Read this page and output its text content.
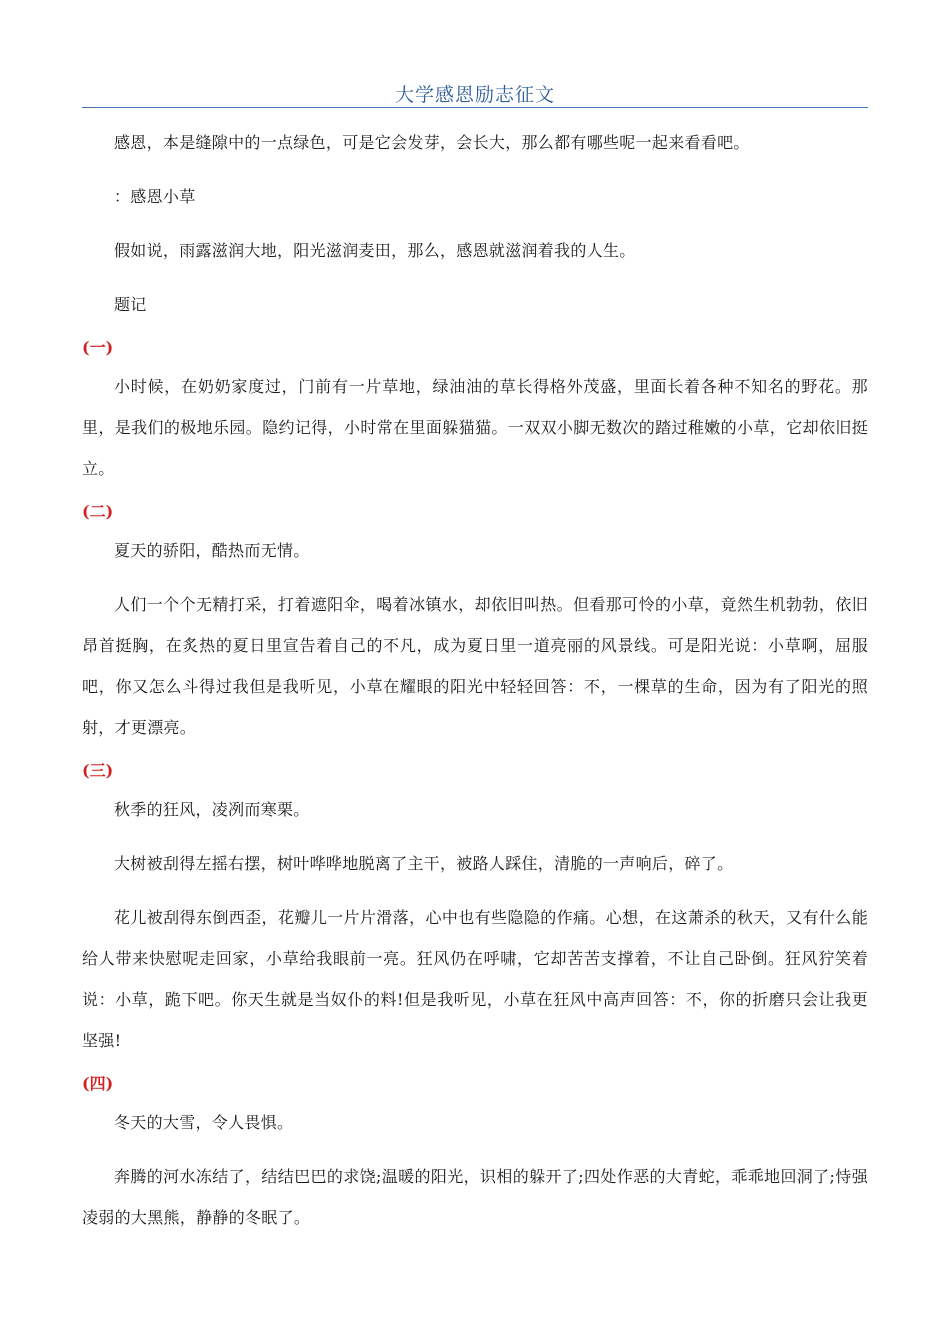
大学感恩励志征文

感恩，本是缝隙中的一点绿色，可是它会发芽，会长大，那么都有哪些呢一起来看看吧。

：感恩小草

假如说，雨露滋润大地，阳光滋润麦田，那么，感恩就滋润着我的人生。

题记

(一)

小时候，在奶奶家度过，门前有一片草地，绿油油的草长得格外茂盛，里面长着各种不知名的野花。那里，是我们的极地乐园。隐约记得，小时常在里面躲猫猫。一双双小脚无数次的踏过稚嫩的小草，它却依旧挺立。

(二)

夏天的骄阳，酷热而无情。

人们一个个无精打采，打着遮阳伞，喝着冰镇水，却依旧叫热。但看那可怜的小草，竟然生机勃勃，依旧昂首挺胸，在炙热的夏日里宣告着自己的不凡，成为夏日里一道亮丽的风景线。可是阳光说：小草啊，屈服吧，你又怎么斗得过我但是我听见，小草在耀眼的阳光中轻轻回答：不，一棵草的生命，因为有了阳光的照射，才更漂亮。

(三)

秋季的狂风，凌冽而寒栗。

大树被刮得左摇右摆，树叶哗哗地脱离了主干，被路人踩住，清脆的一声响后，碎了。

花儿被刮得东倒西歪，花瓣儿一片片滑落，心中也有些隐隐的作痛。心想，在这萧杀的秋天，又有什么能给人带来快慰呢走回家，小草给我眼前一亮。狂风仍在呼啸，它却苦苦支撑着，不让自己卧倒。狂风狞笑着说：小草，跪下吧。你天生就是当奴仆的料!但是我听见，小草在狂风中高声回答：不，你的折磨只会让我更坚强!

(四)

冬天的大雪，令人畏惧。

奔腾的河水冻结了，结结巴巴的求饶;温暖的阳光，识相的躲开了;四处作恶的大青蛇，乖乖地回洞了;恃强凌弱的大黑熊，静静的冬眠了。
